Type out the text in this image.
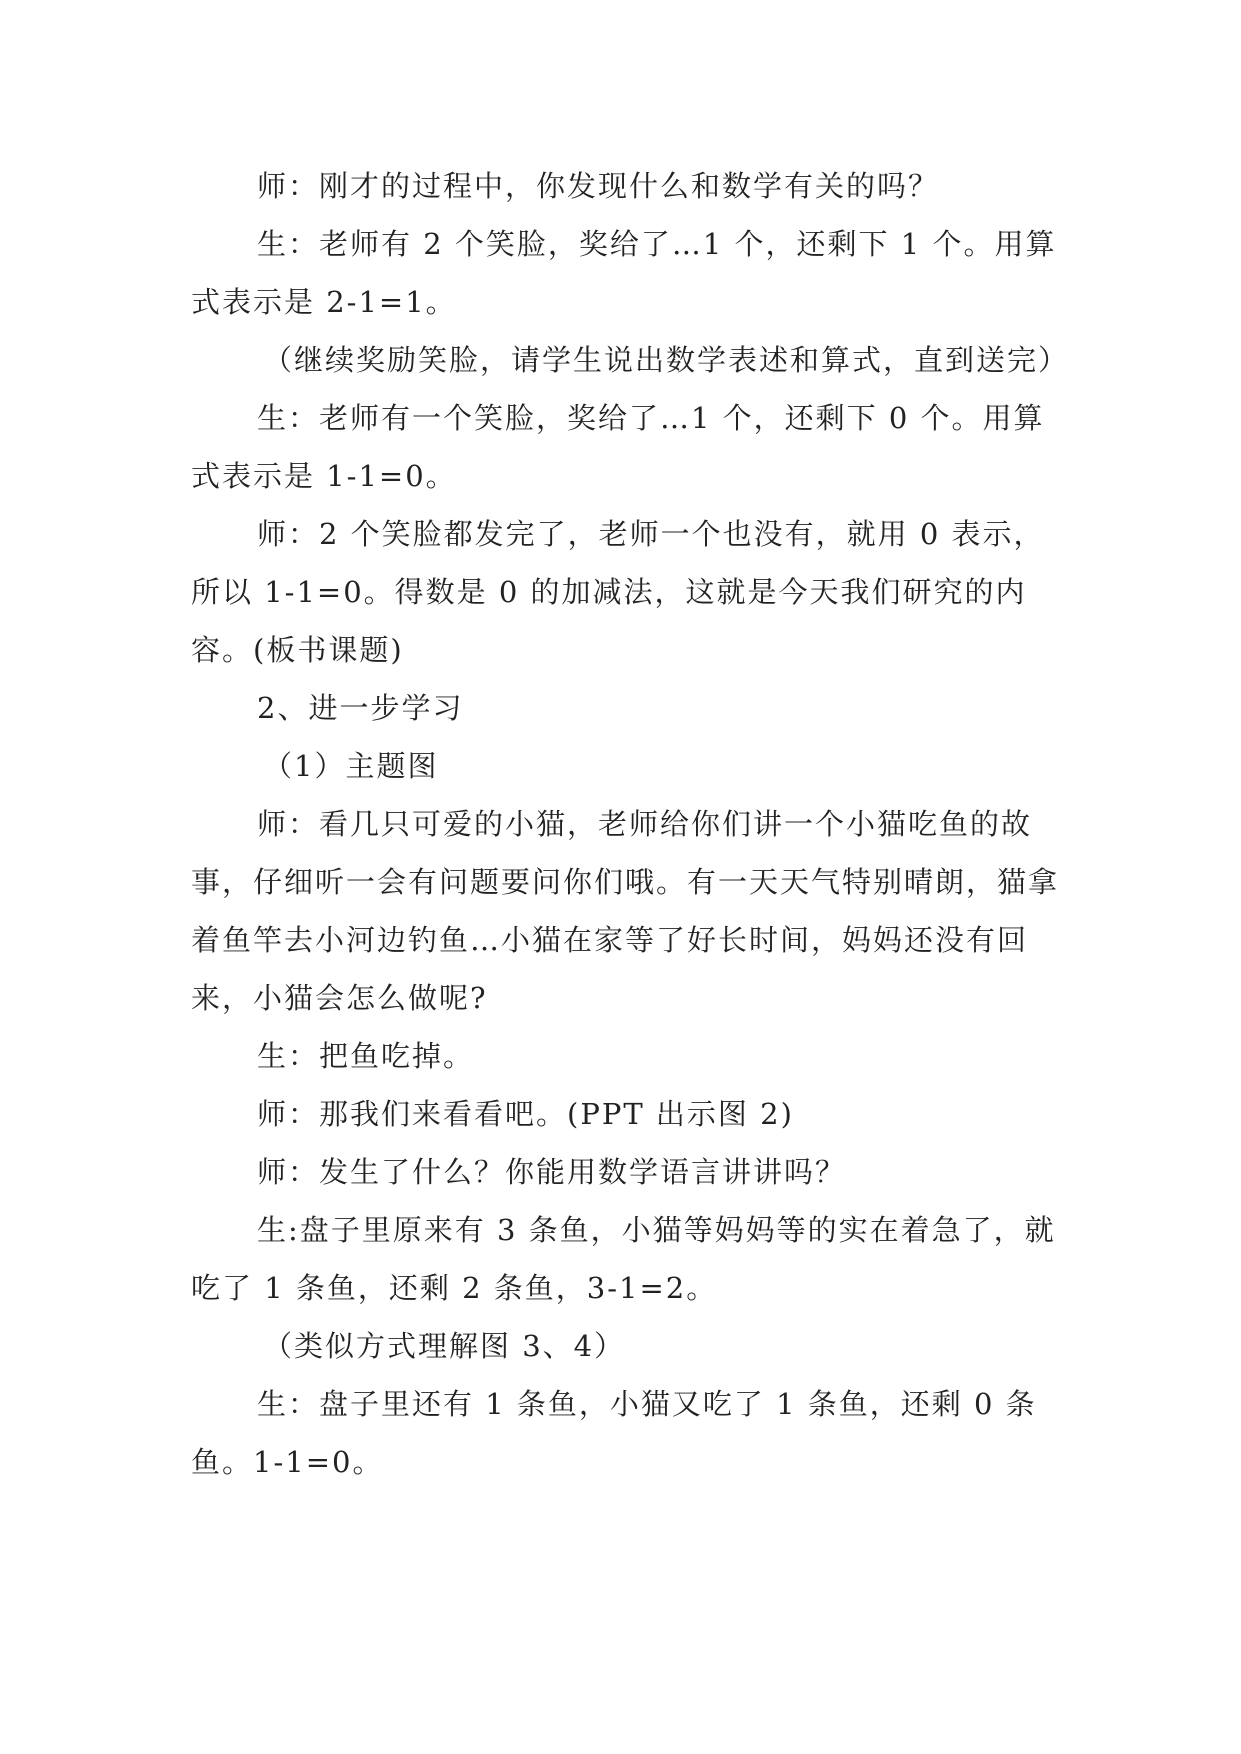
师：刚才的过程中，你发现什么和数学有关的吗？

生：老师有 2 个笑脸，奖给了…1 个，还剩下 1 个。用算式表示是 2-1=1。

（继续奖励笑脸，请学生说出数学表述和算式，直到送完）

生：老师有一个笑脸，奖给了…1 个，还剩下 0 个。用算式表示是 1-1=0。

师：2 个笑脸都发完了，老师一个也没有，就用 0 表示，所以 1-1=0。得数是 0 的加减法，这就是今天我们研究的内容。(板书课题)

2、进一步学习

（1）主题图

师：看几只可爱的小猫，老师给你们讲一个小猫吃鱼的故事，仔细听一会有问题要问你们哦。有一天天气特别晴朗，猫拿着鱼竿去小河边钓鱼…小猫在家等了好长时间，妈妈还没有回来，小猫会怎么做呢?

生：把鱼吃掉。

师：那我们来看看吧。(PPT 出示图 2)

师：发生了什么？你能用数学语言讲讲吗？

生:盘子里原来有 3 条鱼，小猫等妈妈等的实在着急了，就吃了 1 条鱼，还剩 2 条鱼，3-1=2。

（类似方式理解图 3、4）

生：盘子里还有 1 条鱼，小猫又吃了 1 条鱼，还剩 0 条鱼。1-1=0。
